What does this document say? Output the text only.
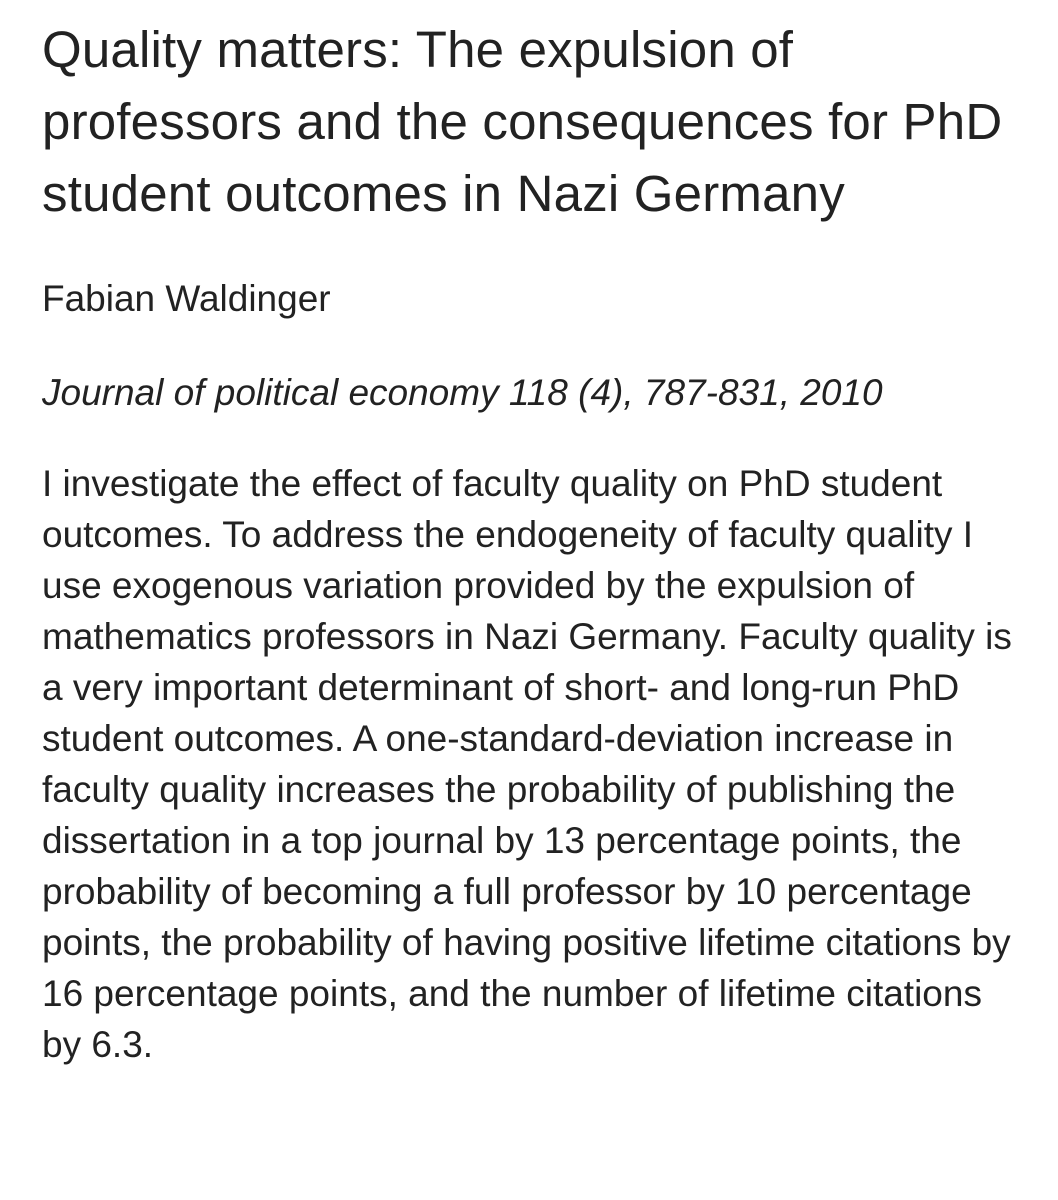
Quality matters: The expulsion of professors and the consequences for PhD student outcomes in Nazi Germany
Fabian Waldinger
Journal of political economy 118 (4), 787-831, 2010
I investigate the effect of faculty quality on PhD student outcomes. To address the endogeneity of faculty quality I use exogenous variation provided by the expulsion of mathematics professors in Nazi Germany. Faculty quality is a very important determinant of short- and long-run PhD student outcomes. A one-standard-deviation increase in faculty quality increases the probability of publishing the dissertation in a top journal by 13 percentage points, the probability of becoming a full professor by 10 percentage points, the probability of having positive lifetime citations by 16 percentage points, and the number of lifetime citations by 6.3.
